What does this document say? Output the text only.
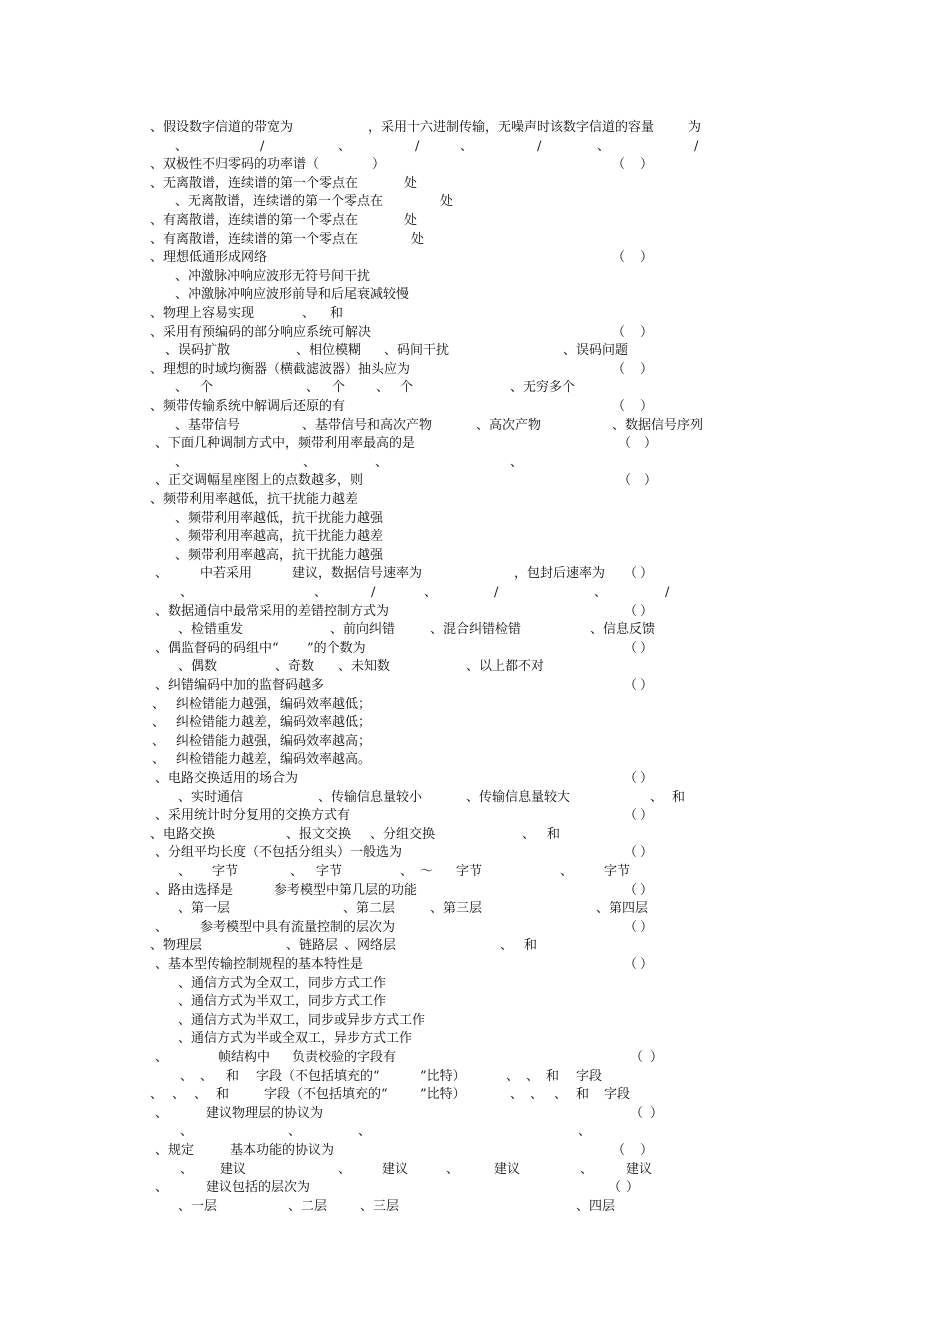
、假设数字信道的带宽为	，采用十六进制传输，无噪声时该数字信道的容量	为
、	/	、	/	、	/	、	/
、双极性不归零码的功率谱（	）	（ ）
、无离散谱，连续谱的第一个零点在	处
、无离散谱，连续谱的第一个零点在	处
、有离散谱，连续谱的第一个零点在	处
、有离散谱，连续谱的第一个零点在	处
、理想低通形成网络	（ ）
、冲激脉冲响应波形无符号间干扰
、冲激脉冲响应波形前导和后尾衰减较慢
、物理上容易实现	、 和
、采用有预编码的部分响应系统可解决	（ ）
、误码扩散	、相位模糊 、码间干扰	、误码问题
、理想的时域均衡器（横截滤波器）抽头应为	（ ）
、 个	、 个 、 个	、无穷多个
、频带传输系统中解调后还原的有	（ ）
、基带信号	、基带信号和高次产物	、高次产物	、数据信号序列
、下面几种调制方式中，频带利用率最高的是	（ ）
、	、	、	、
、正交调幅星座图上的点数越多，则	（ ）
、频带利用率越低，抗干扰能力越差
、频带利用率越低，抗干扰能力越强
、频带利用率越高，抗干扰能力越差
、频带利用率越高，抗干扰能力越强
、 中若采用	建议，数据信号速率为	，包封后速率为 （ ）
、	、	/	、	/	、	/
、数据通信中最常采用的差错控制方式为	（ ）
、检错重发	、前向纠错	、混合纠错检错	、信息反馈
、偶监督码的码组中“ ”的个数为	（ ）
、偶数	、奇数 、未知数	、以上都不对
、纠错编码中加的监督码越多	（ ）
、 纠检错能力越强，编码效率越低；
、 纠检错能力越差，编码效率越低；
、 纠检错能力越强，编码效率越高；
、 纠检错能力越差，编码效率越高。
、电路交换适用的场合为	（ ）
、实时通信	、传输信息量较小	、传输信息量较大	、 和
、采用统计时分复用的交换方式有	（ ）
、电路交换	、报文交换 、分组交换	、 和
、分组平均长度（不包括分组头）一般选为	（ ）
、 字节	、 字节	、 ～ 字节	、 字节
、路由选择是	参考模型中第几层的功能	（ ）
、第一层	、第二层	、第三层	、第四层
、 参考模型中具有流量控制的层次为	（ ）
、物理层	、链路层 、网络层	、 和
、基本型传输控制规程的基本特性是	（ ）
、通信方式为全双工，同步方式工作
、通信方式为半双工，同步方式工作
、通信方式为半双工，同步或异步方式工作
、通信方式为半或全双工，异步方式工作
、	帧结构中 负责校验的字段有	（ ）
、 、 和 字段（不包括填充的“	”比特）	、 、 和 字段
、 、 、 和	字段（不包括填充的“ ”比特）	、 、 、 和 字段
、	建议物理层的协议为	（ ）
、	、	、	、
、规定	基本功能的协议为	（ ）
、 建议	、 建议	、	建议	、	建议
、	建议包括的层次为	（ ）
、一层	、二层	、三层	、四层
